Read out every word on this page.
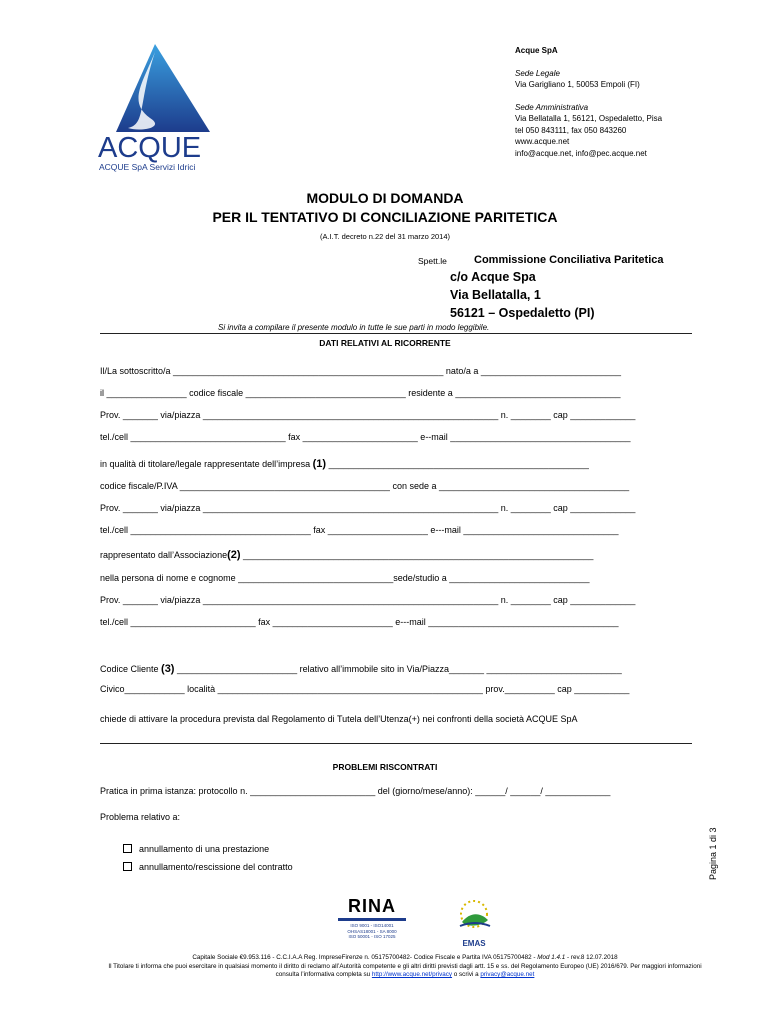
ACQUE
ACQUE SpA Servizi Idrici
Acque SpA
Sede Legale
Via Garigliano 1, 50053 Empoli (FI)
Sede Amministrativa
Via Bellatalla 1, 56121, Ospedaletto, Pisa
tel 050 843111, fax 050 843260
www.acque.net
info@acque.net, info@pec.acque.net
MODULO DI DOMANDA
PER IL TENTATIVO DI CONCILIAZIONE PARITETICA
(A.I.T. decreto n.22 del 31 marzo 2014)
Spett.le Commissione Conciliativa Paritetica
c/o Acque Spa
Via Bellatalla, 1
56121 – Ospedaletto (PI)
Si invita a compilare il presente modulo in tutte le sue parti in modo leggibile.
DATI RELATIVI AL RICORRENTE
Il/La sottoscritto/a ______________________________________________________ nato/a a ____________________________
il ________________ codice fiscale ________________________________ residente a _________________________________
Prov. _______ via/piazza ___________________________________________________________ n. ________ cap _____________
tel./cell _______________________________ fax _______________________ e--mail ____________________________________
in qualità di titolare/legale rappresentate dell’impresa (1) ____________________________________________________
codice fiscale/P.IVA __________________________________________ con sede a ______________________________________
Prov. _______ via/piazza ___________________________________________________________ n. ________ cap _____________
tel./cell ____________________________________ fax ____________________ e---mail _______________________________
rappresentato dall’Associazione(2) ______________________________________________________________________
nella persona di nome e cognome _______________________________sede/studio a ____________________________
Prov. _______ via/piazza ___________________________________________________________ n. ________ cap _____________
tel./cell _________________________ fax ________________________ e---mail ______________________________________
Codice Cliente (3) ________________________ relativo all’immobile sito in Via/Piazza_______ ___________________________
Civico____________ località _____________________________________________________ prov.__________ cap ___________
chiede di attivare la procedura prevista dal Regolamento di Tutela dell’Utenza(+) nei confronti della società ACQUE SpA
PROBLEMI RISCONTRATI
Pratica in prima istanza: protocollo n. _________________________ del (giorno/mese/anno): ______/ ______/ _____________
Problema relativo a:
annullamento di una prestazione
annullamento/rescissione del contratto	Pagina 1 di 3
RINA
ISO 9001 - ISO14001
OHSAS18001 - SA 8000
ISO 50001 - ISO 17025
EMAS
Capitale Sociale €9.953.116 - C.C.I.A.A Reg. ImpreseFirenze n. 05175700482- Codice Fiscale e Partita IVA 05175700482 - Mod 1.4.1 - rev.8 12.07.2018
Il Titolare ti informa che puoi esercitare in qualsiasi momento il diritto di reclamo all’Autorità competente e gli altri diritti previsti dagli artt. 15 e ss. del Regolamento Europeo (UE) 2016/679. Per maggiori informazioni consulta l’informativa completa su http://www.acque.net/privacy o scrivi a privacy@acque.net
